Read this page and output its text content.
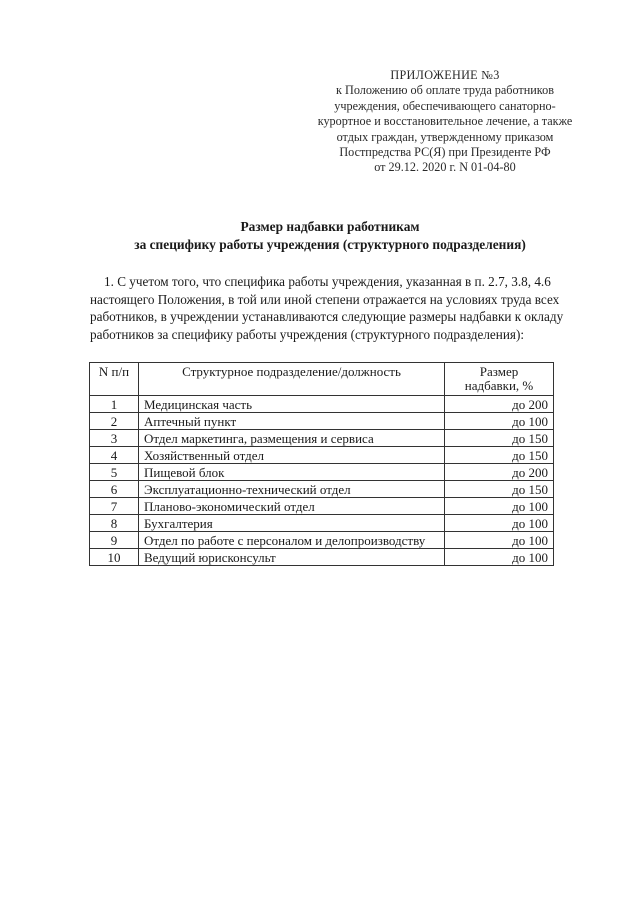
ПРИЛОЖЕНИЕ №3
к Положению об оплате труда работников
учреждения, обеспечивающего санаторно-
курортное и восстановительное лечение, а также
отдых граждан, утвержденному приказом
Постпредства РС(Я) при Президенте РФ
от 29.12. 2020 г. N 01-04-80
Размер надбавки работникам
за специфику работы учреждения (структурного подразделения)
1. С учетом того, что специфика работы учреждения, указанная в п. 2.7, 3.8, 4.6
настоящего Положения, в той или иной степени отражается на условиях труда всех
работников, в учреждении устанавливаются следующие размеры надбавки к окладу
работников за специфику работы учреждения (структурного подразделения):
N п/п	Структурное подразделение/должность	Размер
надбавки, %
1	Медицинская часть	до 200
2	Аптечный пункт	до 100
3	Отдел маркетинга, размещения и сервиса	до 150
4	Хозяйственный отдел	до 150
5	Пищевой блок	до 200
6	Эксплуатационно-технический отдел	до 150
7	Планово-экономический отдел	до 100
8	Бухгалтерия	до 100
9	Отдел по работе с персоналом и делопроизводству	до 100
10	Ведущий юрисконсульт	до 100
